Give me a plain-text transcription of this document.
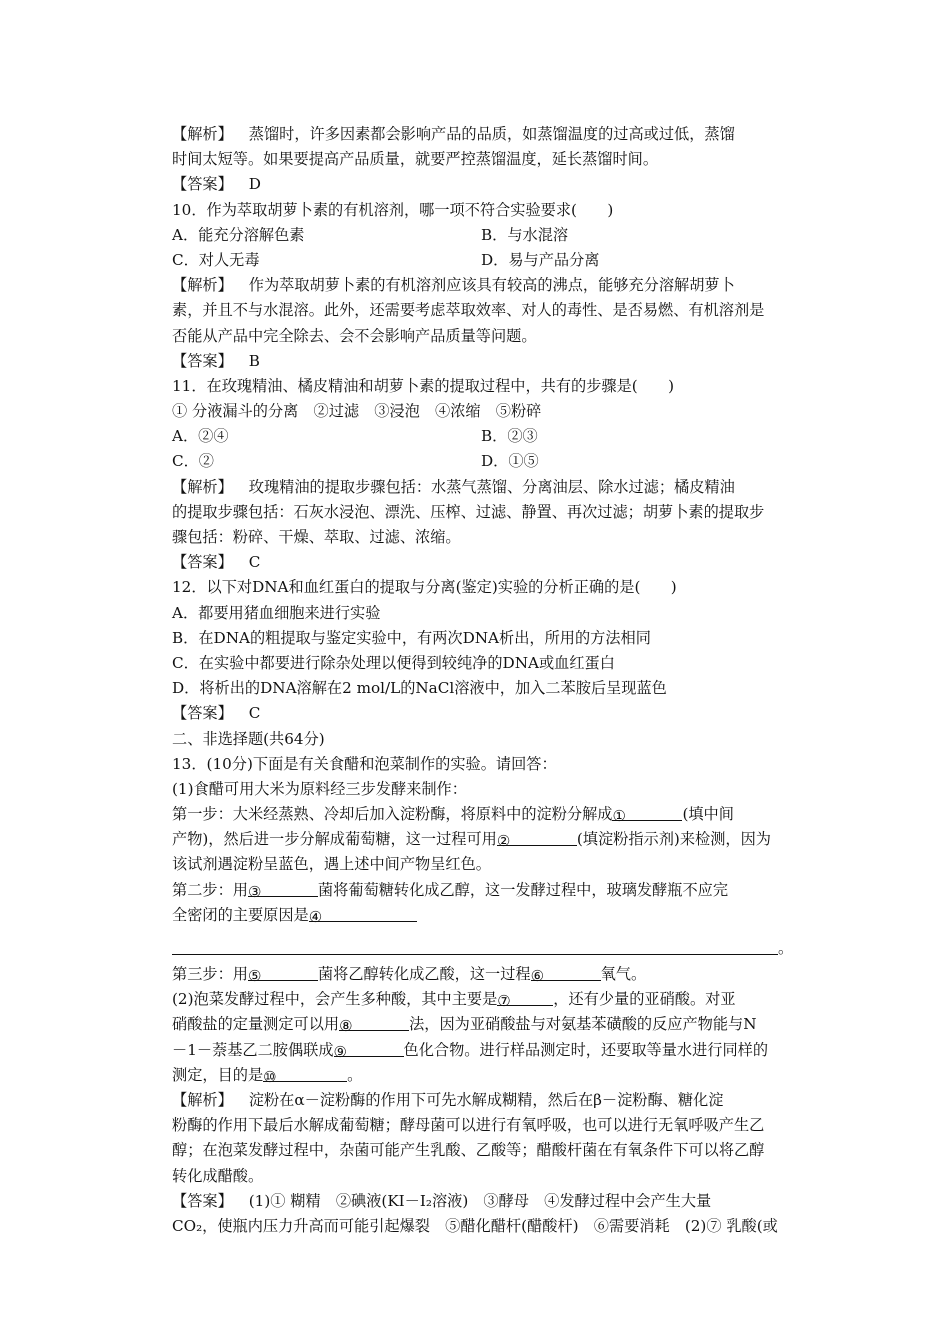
【解析】 蒸馏时，许多因素都会影响产品的品质，如蒸馏温度的过高或过低，蒸馏
时间太短等。如果要提高产品质量，就要严控蒸馏温度，延长蒸馏时间。
【答案】 D
10．作为萃取胡萝卜素的有机溶剂，哪一项不符合实验要求(　　)
A．能充分溶解色素	B．与水混溶
C．对人无毒	D．易与产品分离
【解析】 作为萃取胡萝卜素的有机溶剂应该具有较高的沸点，能够充分溶解胡萝卜
素，并且不与水混溶。此外，还需要考虑萃取效率、对人的毒性、是否易燃、有机溶剂是
否能从产品中完全除去、会不会影响产品质量等问题。
【答案】 B
11．在玫瑰精油、橘皮精油和胡萝卜素的提取过程中，共有的步骤是(　　)
① 分液漏斗的分离　②过滤　③浸泡　④浓缩　⑤粉碎
A．②④	B．②③
C．②	D．①⑤
【解析】 玫瑰精油的提取步骤包括：水蒸气蒸馏、分离油层、除水过滤；橘皮精油
的提取步骤包括：石灰水浸泡、漂洗、压榨、过滤、静置、再次过滤；胡萝卜素的提取步
骤包括：粉碎、干燥、萃取、过滤、浓缩。
【答案】 C
12．以下对DNA和血红蛋白的提取与分离(鉴定)实验的分析正确的是(　　)
A．都要用猪血细胞来进行实验
B．在DNA的粗提取与鉴定实验中，有两次DNA析出，所用的方法相同
C．在实验中都要进行除杂处理以便得到较纯净的DNA或血红蛋白
D．将析出的DNA溶解在2 mol/L的NaCl溶液中，加入二苯胺后呈现蓝色
【答案】 C
二、非选择题(共64分)
13．(10分)下面是有关食醋和泡菜制作的实验。请回答：
(1)食醋可用大米为原料经三步发酵来制作：
第一步：大米经蒸熟、冷却后加入淀粉酶，将原料中的淀粉分解成①	(填中间
产物)，然后进一步分解成葡萄糖，这一过程可用②	(填淀粉指示剂)来检测，因为
该试剂遇淀粉呈蓝色，遇上述中间产物呈红色。
第二步：用③	菌将葡萄糖转化成乙醇，这一发酵过程中，玻璃发酵瓶不应完
全密闭的主要原因是④
。
第三步：用⑤	菌将乙醇转化成乙酸，这一过程⑥	氧气。
(2)泡菜发酵过程中，会产生多种酸，其中主要是⑦	，还有少量的亚硝酸。对亚
硝酸盐的定量测定可以用⑧	法，因为亚硝酸盐与对氨基苯磺酸的反应产物能与N
－1－萘基乙二胺偶联成⑨	色化合物。进行样品测定时，还要取等量水进行同样的
测定，目的是⑩	。
【解析】 淀粉在α－淀粉酶的作用下可先水解成糊精，然后在β－淀粉酶、糖化淀
粉酶的作用下最后水解成葡萄糖；酵母菌可以进行有氧呼吸，也可以进行无氧呼吸产生乙
醇；在泡菜发酵过程中，杂菌可能产生乳酸、乙酸等；醋酸杆菌在有氧条件下可以将乙醇
转化成醋酸。
【答案】 (1)① 糊精　②碘液(KI－I₂溶液)　③酵母　④发酵过程中会产生大量
CO₂，使瓶内压力升高而可能引起爆裂　⑤醋化醋杆(醋酸杆)　⑥需要消耗　(2)⑦ 乳酸(或
